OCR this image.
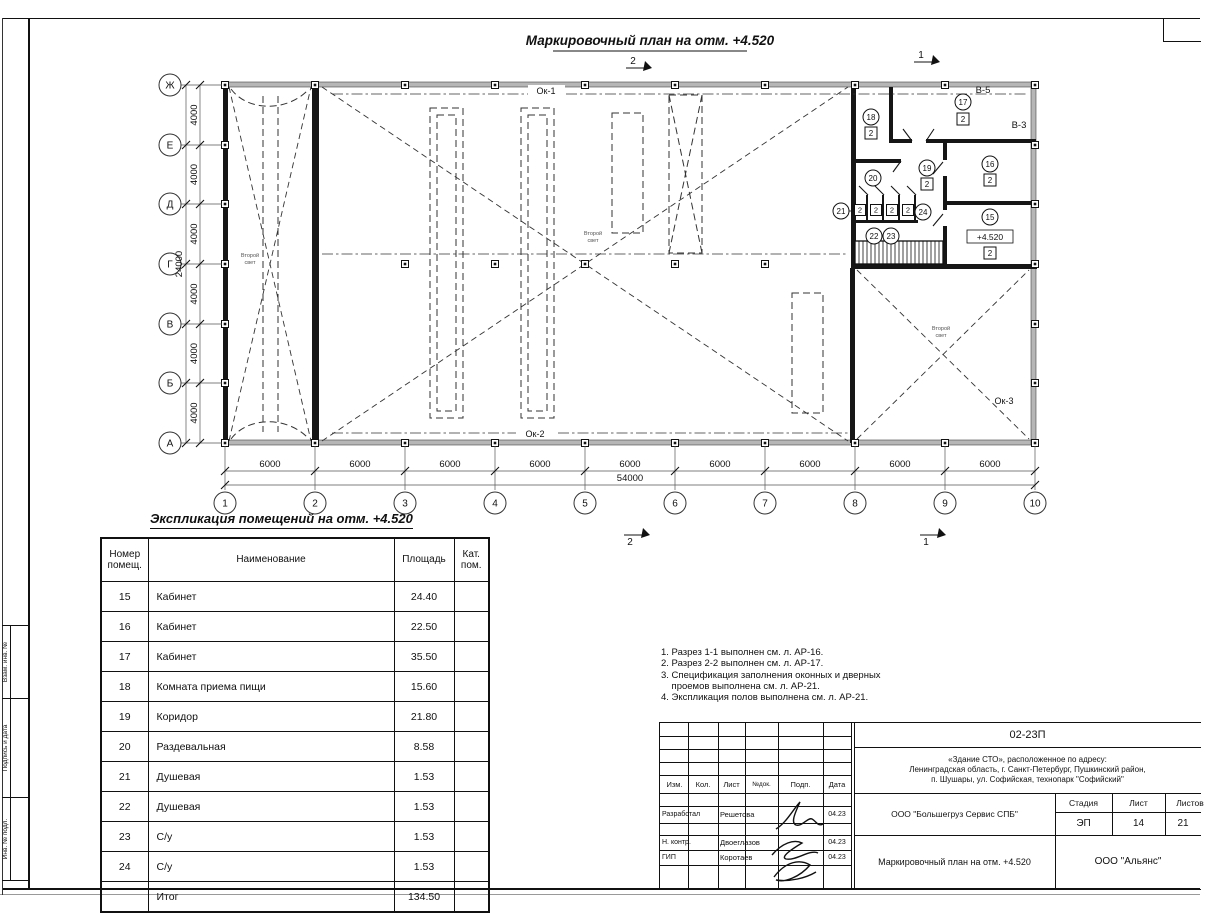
Взам. инв. №
Подпись и дата
Инв. № подл.
Маркировочный план на отм. +4.520
Ок-1
Ок-2
Ок-3
В-5
В-3
Второй
свет
Второй
свет
Второй
свет
+4.520
2
1
2	1
Ж
Е
Д
Г
В
Б
А
1	2	3	4	5	6	7	8	9	10
6000	6000	6000	6000	6000	6000	6000	6000	6000
54000
4000
4000
4000
4000
4000
4000
24000
15
2
16
2
17
2
18
2
19
2
20
21
22 23
24
2 2 2 2
Экспликация помещений на отм. +4.520
Номер
помещ.	Наименование	Площадь	Кат.
пом.
15	Кабинет	24.40	
16	Кабинет	22.50	
17	Кабинет	35.50	
18	Комната приема пищи	15.60	
19	Коридор	21.80	
20	Раздевальная	8.58	
21	Душевая	1.53	
22	Душевая	1.53	
23	С/у	1.53	
24	С/у	1.53	
	Итог	134.50	
1. Разрез 1-1 выполнен см. л. АР-16.
2. Разрез 2-2 выполнен см. л. АР-17.
3. Спецификация заполнения оконных и дверных
проемов выполнена см. л. АР-21.
4. Экспликация полов выполнена см. л. АР-21.
02-23П
«Здание СТО», расположенное по адресу:
Ленинградская область, г. Санкт-Петербург, Пушкинский район,
п. Шушары, ул. Софийская, технопарк "Софийский"
ООО "Большегруз Сервис СПБ"
Стадия	Лист	Листов
ЭП	14	21
Маркировочный план на отм. +4.520	ООО "Альянс"
Изм.	Кол.	Лист	№док.	Подп.	Дата
Разработал	Решетова	04.23
Н. контр.	Двоеглазов	04.23
ГИП	Коротаев	04.23
